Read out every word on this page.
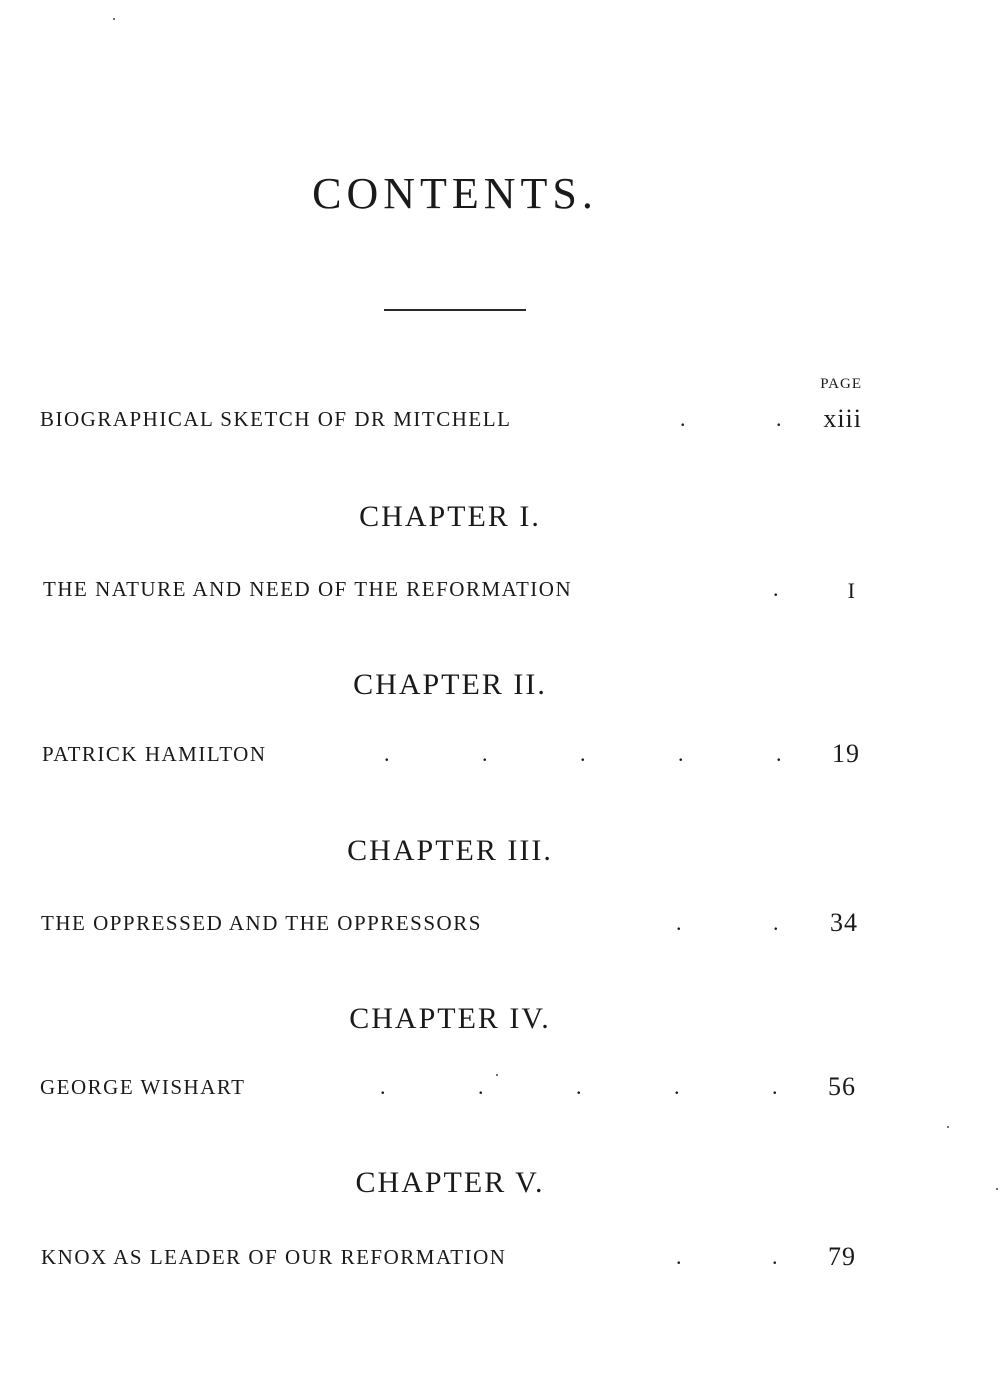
CONTENTS.
PAGE
BIOGRAPHICAL SKETCH OF DR MITCHELL	.	. xiii
CHAPTER I.
THE NATURE AND NEED OF THE REFORMATION	.	I
CHAPTER II.
PATRICK HAMILTON	.	.	.	.	. 19
CHAPTER III.
THE OPPRESSED AND THE OPPRESSORS	.	. 34
CHAPTER IV.
GEORGE WISHART	.	.	.	.	. 56
CHAPTER V.
KNOX AS LEADER OF OUR REFORMATION	.	. 79
